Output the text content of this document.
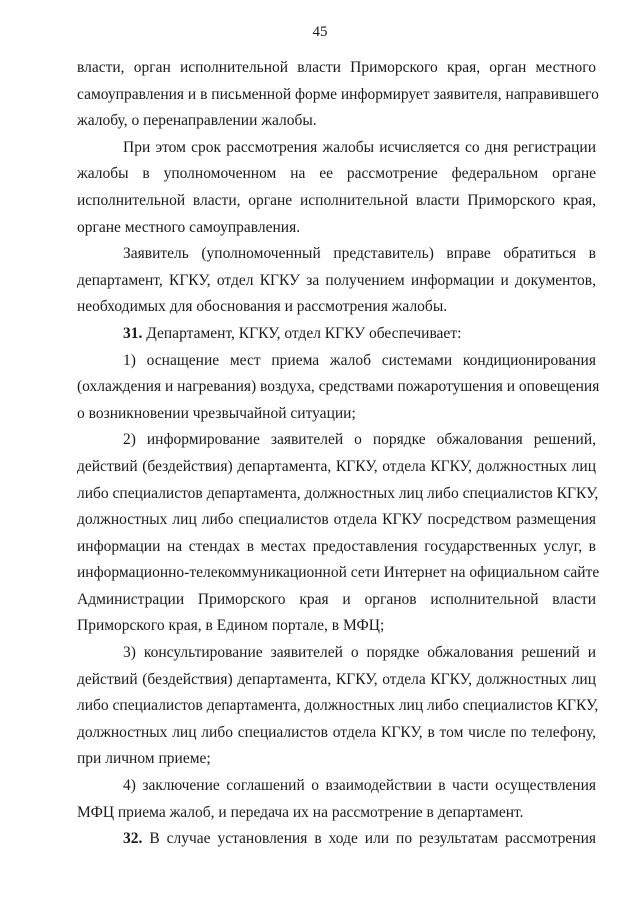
45
власти, орган исполнительной власти Приморского края, орган местного
самоуправления и в письменной форме информирует заявителя, направившего
жалобу, о перенаправлении жалобы.
При этом срок рассмотрения жалобы исчисляется со дня регистрации
жалобы в уполномоченном на ее рассмотрение федеральном органе
исполнительной власти, органе исполнительной власти Приморского края,
органе местного самоуправления.
Заявитель (уполномоченный представитель) вправе обратиться в
департамент, КГКУ, отдел КГКУ за получением информации и документов,
необходимых для обоснования и рассмотрения жалобы.
31. Департамент, КГКУ, отдел КГКУ обеспечивает:
1) оснащение мест приема жалоб системами кондиционирования
(охлаждения и нагревания) воздуха, средствами пожаротушения и оповещения
о возникновении чрезвычайной ситуации;
2) информирование заявителей о порядке обжалования решений,
действий (бездействия) департамента, КГКУ, отдела КГКУ, должностных лиц
либо специалистов департамента, должностных лиц либо специалистов КГКУ,
должностных лиц либо специалистов отдела КГКУ посредством размещения
информации на стендах в местах предоставления государственных услуг, в
информационно-телекоммуникационной сети Интернет на официальном сайте
Администрации Приморского края и органов исполнительной власти
Приморского края, в Едином портале, в МФЦ;
3) консультирование заявителей о порядке обжалования решений и
действий (бездействия) департамента, КГКУ, отдела КГКУ, должностных лиц
либо специалистов департамента, должностных лиц либо специалистов КГКУ,
должностных лиц либо специалистов отдела КГКУ, в том числе по телефону,
при личном приеме;
4) заключение соглашений о взаимодействии в части осуществления
МФЦ приема жалоб, и передача их на рассмотрение в департамент.
32. В случае установления в ходе или по результатам рассмотрения
